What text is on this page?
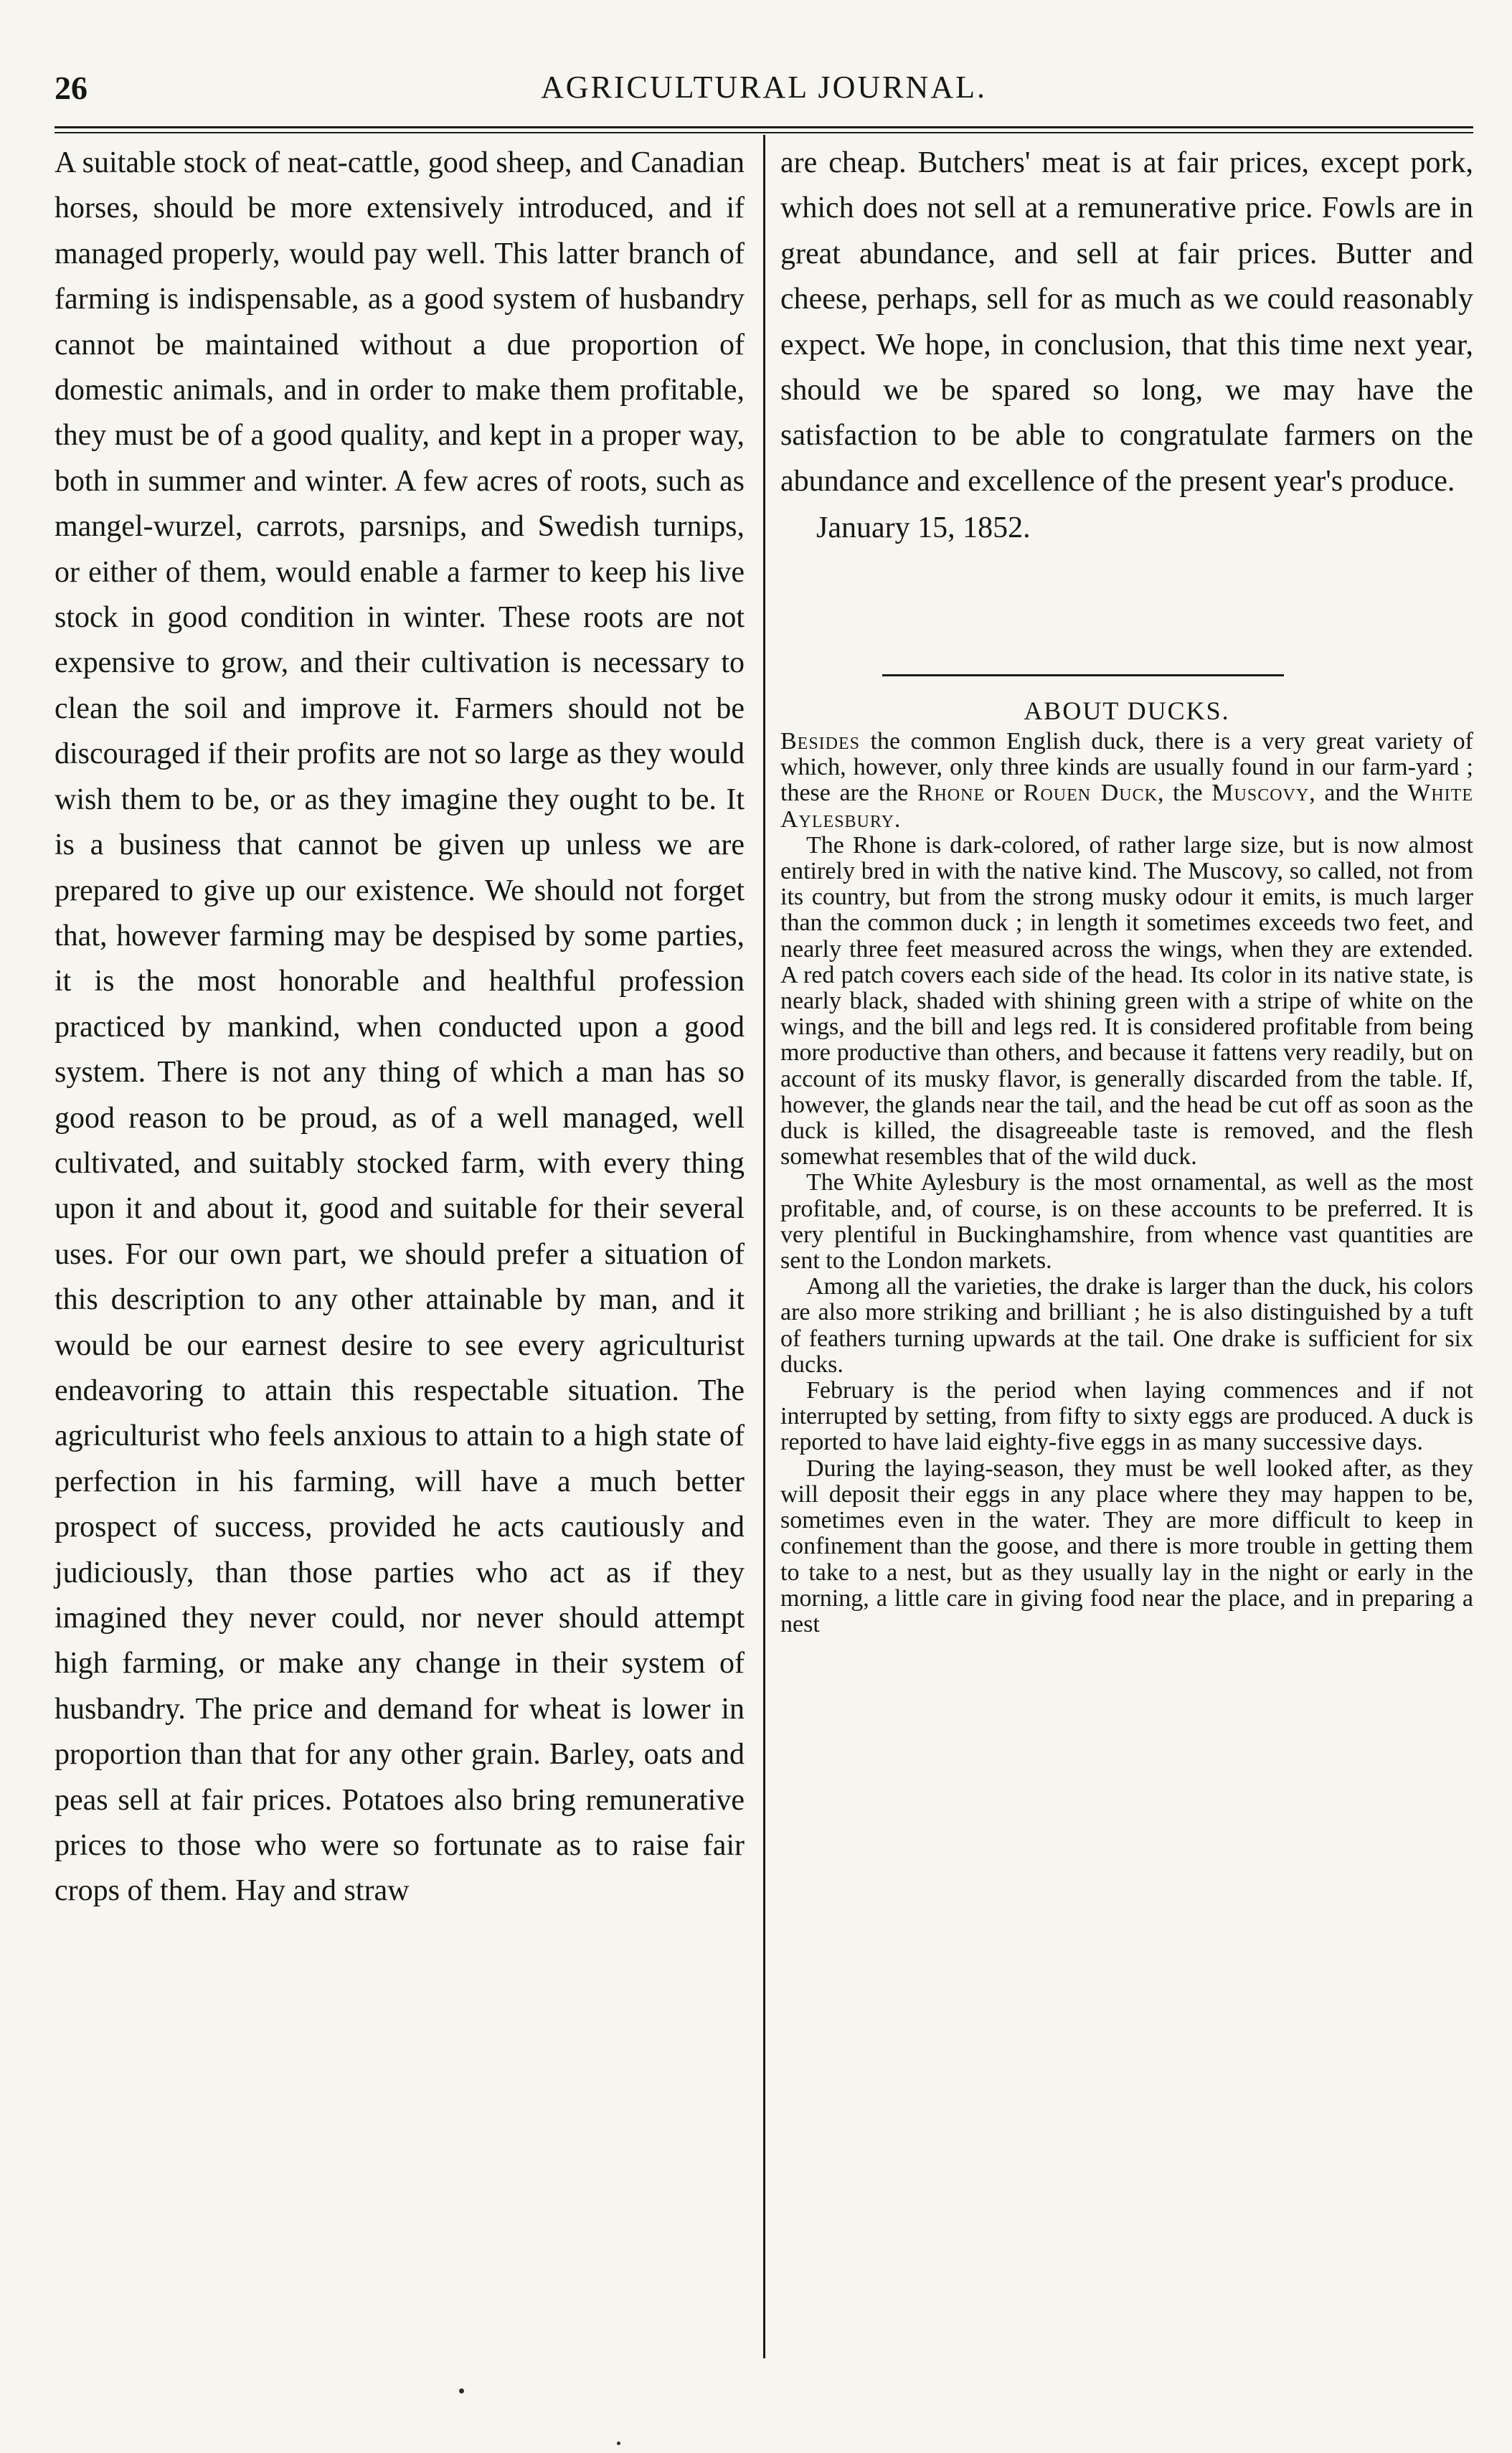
26	AGRICULTURAL JOURNAL.

A suitable stock of neat-cattle, good sheep, and Canadian horses, should be more extensively introduced, and if managed properly, would pay well. This latter branch of farming is indispensable, as a good system of husbandry cannot be maintained without a due proportion of domestic animals, and in order to make them profitable, they must be of a good quality, and kept in a proper way, both in summer and winter. A few acres of roots, such as mangel-wurzel, carrots, parsnips, and Swedish turnips, or either of them, would enable a farmer to keep his live stock in good condition in winter. These roots are not expensive to grow, and their cultivation is necessary to clean the soil and improve it. Farmers should not be discouraged if their profits are not so large as they would wish them to be, or as they imagine they ought to be. It is a business that cannot be given up unless we are prepared to give up our existence. We should not forget that, however farming may be despised by some parties, it is the most honorable and healthful profession practiced by mankind, when conducted upon a good system. There is not any thing of which a man has so good reason to be proud, as of a well managed, well cultivated, and suitably stocked farm, with every thing upon it and about it, good and suitable for their several uses. For our own part, we should prefer a situation of this description to any other attainable by man, and it would be our earnest desire to see every agriculturist endeavoring to attain this respectable situation. The agriculturist who feels anxious to attain to a high state of perfection in his farming, will have a much better prospect of success, provided he acts cautiously and judiciously, than those parties who act as if they imagined they never could, nor never should attempt high farming, or make any change in their system of husbandry. The price and demand for wheat is lower in proportion than that for any other grain. Barley, oats and peas sell at fair prices. Potatoes also bring remunerative prices to those who were so fortunate as to raise fair crops of them. Hay and straw

are cheap. Butchers' meat is at fair prices, except pork, which does not sell at a remunerative price. Fowls are in great abundance, and sell at fair prices. Butter and cheese, perhaps, sell for as much as we could reasonably expect. We hope, in conclusion, that this time next year, should we be spared so long, we may have the satisfaction to be able to congratulate farmers on the abundance and excellence of the present year's produce.

January 15, 1852.

ABOUT DUCKS.

Besides the common English duck, there is a very great variety of which, however, only three kinds are usually found in our farm-yard ; these are the Rhone or Rouen Duck, the Muscovy, and the White Aylesbury.

The Rhone is dark-colored, of rather large size, but is now almost entirely bred in with the native kind. The Muscovy, so called, not from its country, but from the strong musky odour it emits, is much larger than the common duck ; in length it sometimes exceeds two feet, and nearly three feet measured across the wings, when they are extended. A red patch covers each side of the head. Its color in its native state, is nearly black, shaded with shining green with a stripe of white on the wings, and the bill and legs red. It is considered profitable from being more productive than others, and because it fattens very readily, but on account of its musky flavor, is generally discarded from the table. If, however, the glands near the tail, and the head be cut off as soon as the duck is killed, the disagreeable taste is removed, and the flesh somewhat resembles that of the wild duck.

The White Aylesbury is the most ornamental, as well as the most profitable, and, of course, is on these accounts to be preferred. It is very plentiful in Buckinghamshire, from whence vast quantities are sent to the London markets.

Among all the varieties, the drake is larger than the duck, his colors are also more striking and brilliant ; he is also distinguished by a tuft of feathers turning upwards at the tail. One drake is sufficient for six ducks.

February is the period when laying commences and if not interrupted by setting, from fifty to sixty eggs are produced. A duck is reported to have laid eighty-five eggs in as many successive days.

During the laying-season, they must be well looked after, as they will deposit their eggs in any place where they may happen to be, sometimes even in the water. They are more difficult to keep in confinement than the goose, and there is more trouble in getting them to take to a nest, but as they usually lay in the night or early in the morning, a little care in giving food near the place, and in preparing a nest
